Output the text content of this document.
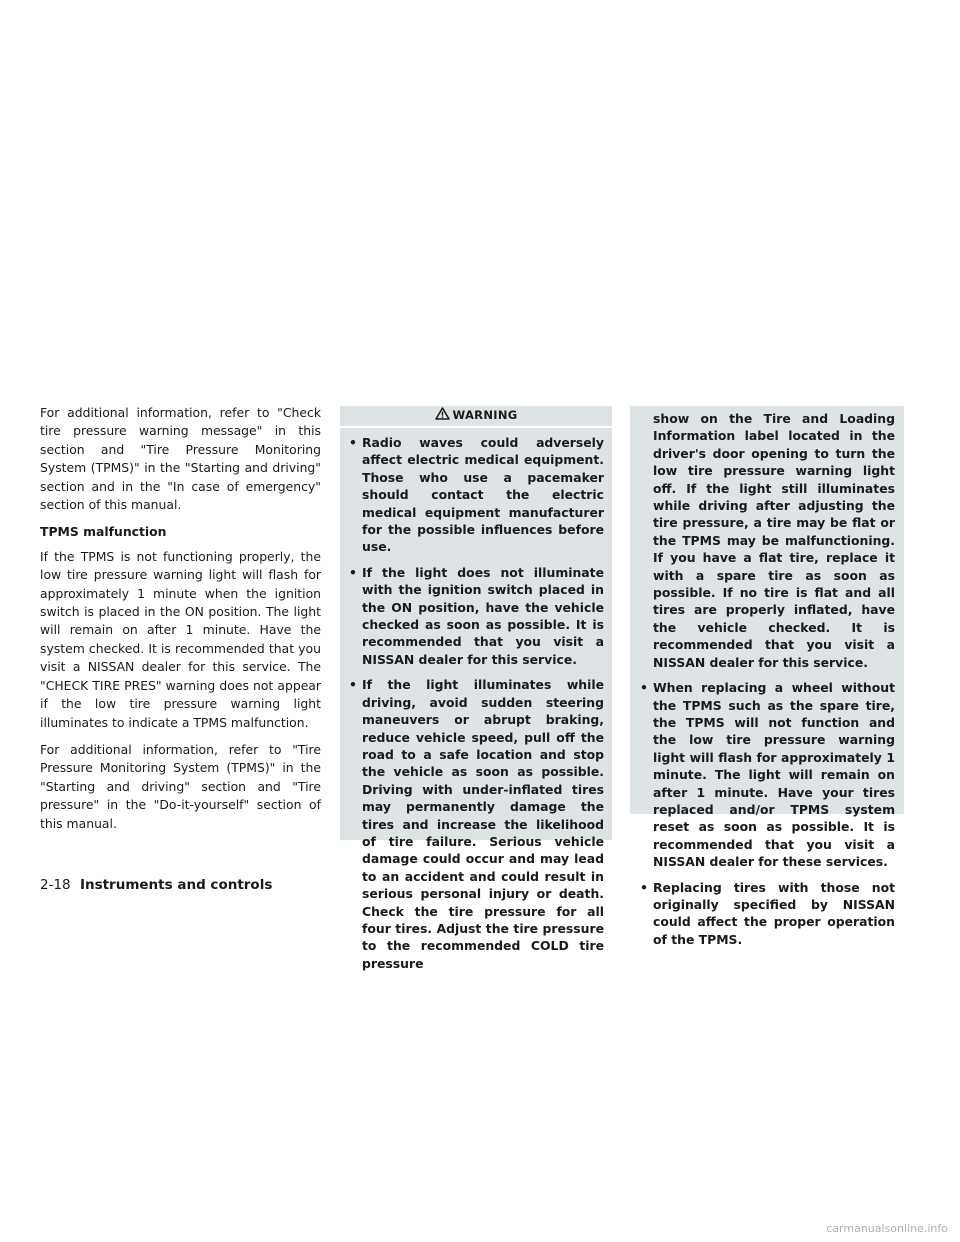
For additional information, refer to "Check tire pressure warning message" in this section and "Tire Pressure Monitoring System (TPMS)" in the "Starting and driving" section and in the "In case of emergency" section of this manual.

TPMS malfunction

If the TPMS is not functioning properly, the low tire pressure warning light will flash for approximately 1 minute when the ignition switch is placed in the ON position. The light will remain on after 1 minute. Have the system checked. It is recommended that you visit a NISSAN dealer for this service. The "CHECK TIRE PRES" warning does not appear if the low tire pressure warning light illuminates to indicate a TPMS malfunction.

For additional information, refer to "Tire Pressure Monitoring System (TPMS)" in the "Starting and driving" section and "Tire pressure" in the "Do-it-yourself" section of this manual.

WARNING
• Radio waves could adversely affect electric medical equipment. Those who use a pacemaker should contact the electric medical equipment manufacturer for the possible influences before use.
• If the light does not illuminate with the ignition switch placed in the ON position, have the vehicle checked as soon as possible. It is recommended that you visit a NISSAN dealer for this service.
• If the light illuminates while driving, avoid sudden steering maneuvers or abrupt braking, reduce vehicle speed, pull off the road to a safe location and stop the vehicle as soon as possible. Driving with under-inflated tires may permanently damage the tires and increase the likelihood of tire failure. Serious vehicle damage could occur and may lead to an accident and could result in serious personal injury or death. Check the tire pressure for all four tires. Adjust the tire pressure to the recommended COLD tire pressure
show on the Tire and Loading Information label located in the driver's door opening to turn the low tire pressure warning light off. If the light still illuminates while driving after adjusting the tire pressure, a tire may be flat or the TPMS may be malfunctioning. If you have a flat tire, replace it with a spare tire as soon as possible. If no tire is flat and all tires are properly inflated, have the vehicle checked. It is recommended that you visit a NISSAN dealer for this service.
• When replacing a wheel without the TPMS such as the spare tire, the TPMS will not function and the low tire pressure warning light will flash for approximately 1 minute. The light will remain on after 1 minute. Have your tires replaced and/or TPMS system reset as soon as possible. It is recommended that you visit a NISSAN dealer for these services.
• Replacing tires with those not originally specified by NISSAN could affect the proper operation of the TPMS.
2-18 Instruments and controls
carmanualsonline.info
